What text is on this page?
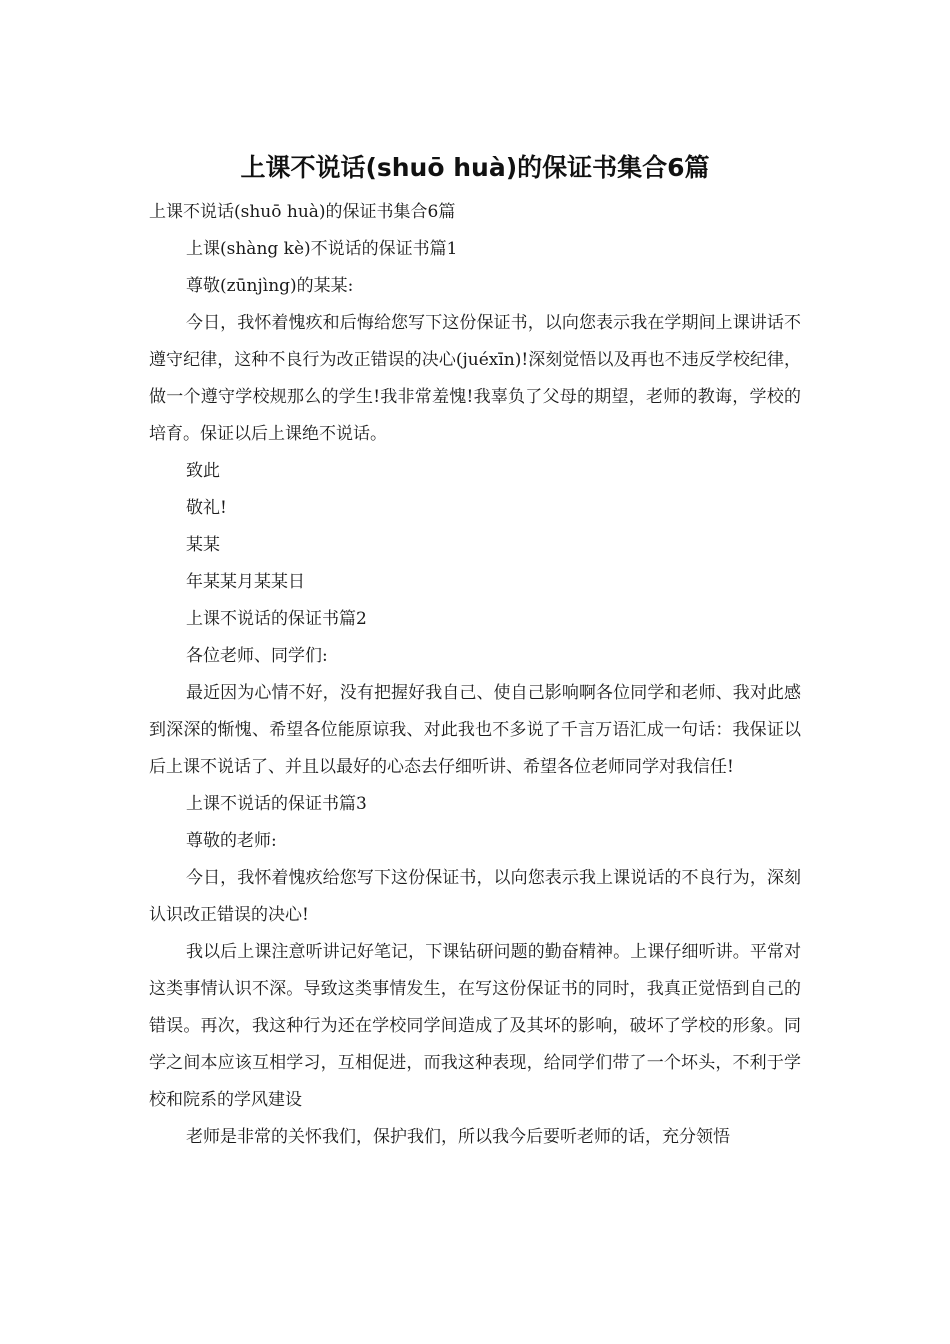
上课不说话(shuō huà)的保证书集合6篇

上课不说话(shuō huà)的保证书集合6篇

上课(shàng kè)不说话的保证书篇1

尊敬(zūnjìng)的某某:

今日，我怀着愧疚和后悔给您写下这份保证书，以向您表示我在学期间上课讲话不遵守纪律，这种不良行为改正错误的决心(juéxīn)!深刻觉悟以及再也不违反学校纪律，做一个遵守学校规那么的学生!我非常羞愧!我辜负了父母的期望，老师的教诲，学校的培育。保证以后上课绝不说话。

致此

敬礼!

某某

年某某月某某日

上课不说话的保证书篇2

各位老师、同学们:

最近因为心情不好，没有把握好我自己、使自己影响啊各位同学和老师、我对此感到深深的惭愧、希望各位能原谅我、对此我也不多说了千言万语汇成一句话：我保证以后上课不说话了、并且以最好的心态去仔细听讲、希望各位老师同学对我信任!

上课不说话的保证书篇3

尊敬的老师:

今日，我怀着愧疚给您写下这份保证书，以向您表示我上课说话的不良行为，深刻认识改正错误的决心!

我以后上课注意听讲记好笔记，下课钻研问题的勤奋精神。上课仔细听讲。平常对这类事情认识不深。导致这类事情发生，在写这份保证书的同时，我真正觉悟到自己的错误。再次，我这种行为还在学校同学间造成了及其坏的影响，破坏了学校的形象。同学之间本应该互相学习，互相促进，而我这种表现，给同学们带了一个坏头，不利于学校和院系的学风建设

老师是非常的关怀我们，保护我们，所以我今后要听老师的话，充分领悟
